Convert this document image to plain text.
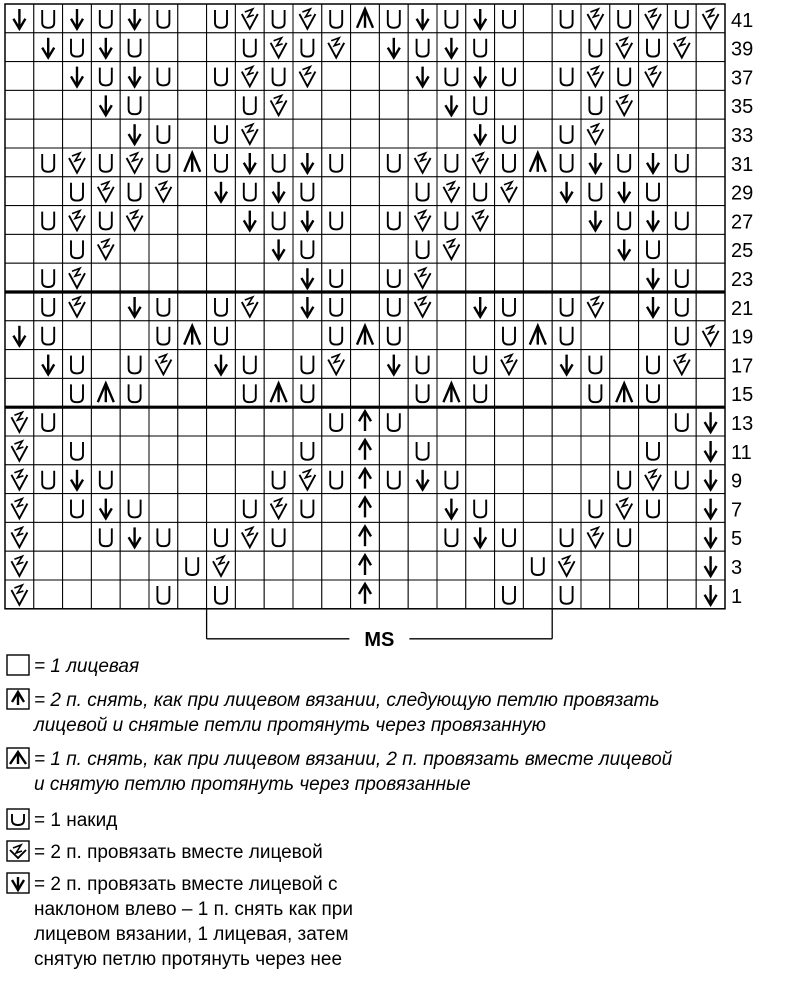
41
39
37
35
33
31
29
27
25
23
21
19
17
15
13
11
9
7
5
3
1
MS
= 1 лицевая
= 2 п. снять, как при лицевом вязании, следующую петлю провязать
лицевой и снятые петли протянуть через провязанную
= 1 п. снять, как при лицевом вязании, 2 п. провязать вместе лицевой
и снятую петлю протянуть через провязанные
= 1 накид
= 2 п. провязать вместе лицевой
= 2 п. провязать вместе лицевой с
наклоном влево – 1 п. снять как при
лицевом вязании, 1 лицевая, затем
снятую петлю протянуть через нее
